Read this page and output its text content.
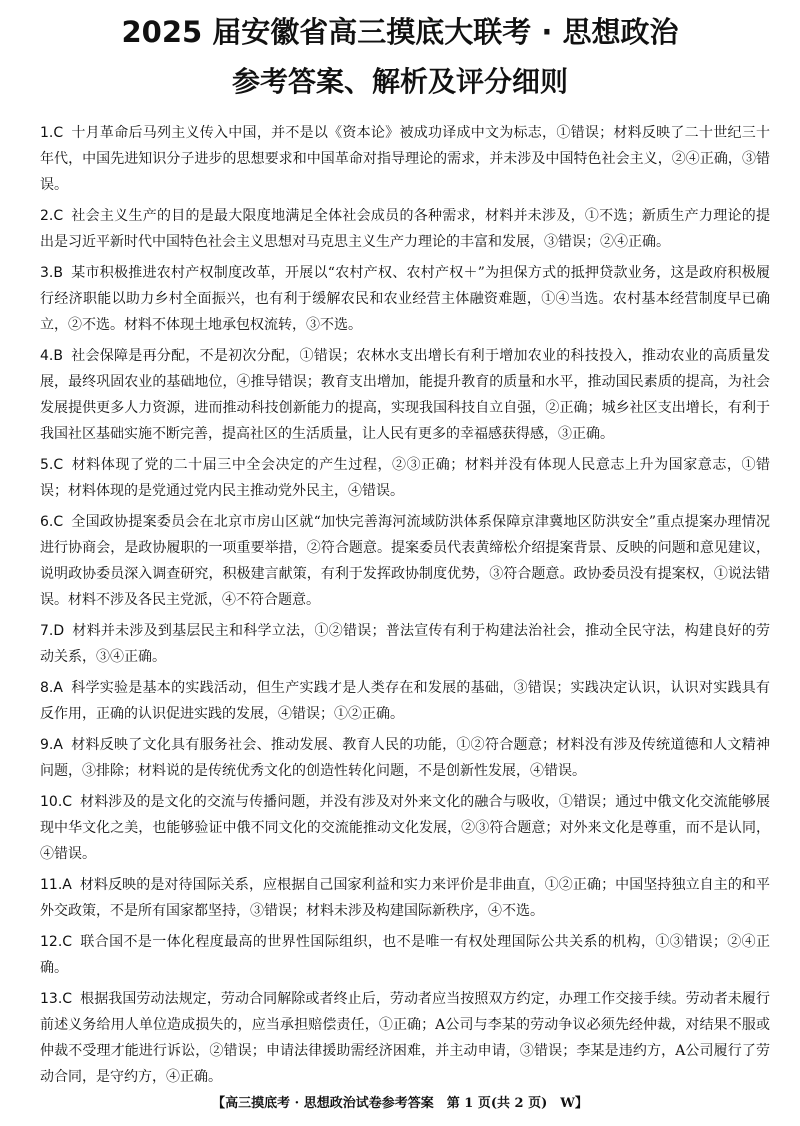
2025 届安徽省高三摸底大联考 · 思想政治
参考答案、解析及评分细则

1.C 十月革命后马列主义传入中国，并不是以《资本论》被成功译成中文为标志，①错误；材料反映了二十世纪三十年代，中国先进知识分子进步的思想要求和中国革命对指导理论的需求，并未涉及中国特色社会主义，②④正确，③错误。

2.C 社会主义生产的目的是最大限度地满足全体社会成员的各种需求，材料并未涉及，①不选；新质生产力理论的提出是习近平新时代中国特色社会主义思想对马克思主义生产力理论的丰富和发展，③错误；②④正确。

3.B 某市积极推进农村产权制度改革，开展以“农村产权、农村产权＋”为担保方式的抵押贷款业务，这是政府积极履行经济职能以助力乡村全面振兴，也有利于缓解农民和农业经营主体融资难题，①④当选。农村基本经营制度早已确立，②不选。材料不体现土地承包权流转，③不选。

4.B 社会保障是再分配，不是初次分配，①错误；农林水支出增长有利于增加农业的科技投入，推动农业的高质量发展，最终巩固农业的基础地位，④推导错误；教育支出增加，能提升教育的质量和水平，推动国民素质的提高，为社会发展提供更多人力资源，进而推动科技创新能力的提高，实现我国科技自立自强，②正确；城乡社区支出增长，有利于我国社区基础实施不断完善，提高社区的生活质量，让人民有更多的幸福感获得感，③正确。

5.C 材料体现了党的二十届三中全会决定的产生过程，②③正确；材料并没有体现人民意志上升为国家意志，①错误；材料体现的是党通过党内民主推动党外民主，④错误。

6.C 全国政协提案委员会在北京市房山区就“加快完善海河流域防洪体系保障京津冀地区防洪安全”重点提案办理情况进行协商会，是政协履职的一项重要举措，②符合题意。提案委员代表黄缔松介绍提案背景、反映的问题和意见建议，说明政协委员深入调查研究，积极建言献策，有利于发挥政协制度优势，③符合题意。政协委员没有提案权，①说法错误。材料不涉及各民主党派，④不符合题意。

7.D 材料并未涉及到基层民主和科学立法，①②错误；普法宣传有利于构建法治社会，推动全民守法，构建良好的劳动关系，③④正确。

8.A 科学实验是基本的实践活动，但生产实践才是人类存在和发展的基础，③错误；实践决定认识，认识对实践具有反作用，正确的认识促进实践的发展，④错误；①②正确。

9.A 材料反映了文化具有服务社会、推动发展、教育人民的功能，①②符合题意；材料没有涉及传统道德和人文精神问题，③排除；材料说的是传统优秀文化的创造性转化问题，不是创新性发展，④错误。

10.C 材料涉及的是文化的交流与传播问题，并没有涉及对外来文化的融合与吸收，①错误；通过中俄文化交流能够展现中华文化之美，也能够验证中俄不同文化的交流能推动文化发展，②③符合题意；对外来文化是尊重，而不是认同，④错误。

11.A 材料反映的是对待国际关系，应根据自己国家利益和实力来评价是非曲直，①②正确；中国坚持独立自主的和平外交政策，不是所有国家都坚持，③错误；材料未涉及构建国际新秩序，④不选。

12.C 联合国不是一体化程度最高的世界性国际组织，也不是唯一有权处理国际公共关系的机构，①③错误；②④正确。

13.C 根据我国劳动法规定，劳动合同解除或者终止后，劳动者应当按照双方约定，办理工作交接手续。劳动者未履行前述义务给用人单位造成损失的，应当承担赔偿责任，①正确；A公司与李某的劳动争议必须先经仲裁，对结果不服或仲裁不受理才能进行诉讼，②错误；申请法律援助需经济困难，并主动申请，③错误；李某是违约方，A公司履行了劳动合同，是守约方，④正确。

【高三摸底考 · 思想政治试卷参考答案　第 1 页(共 2 页)　W】
